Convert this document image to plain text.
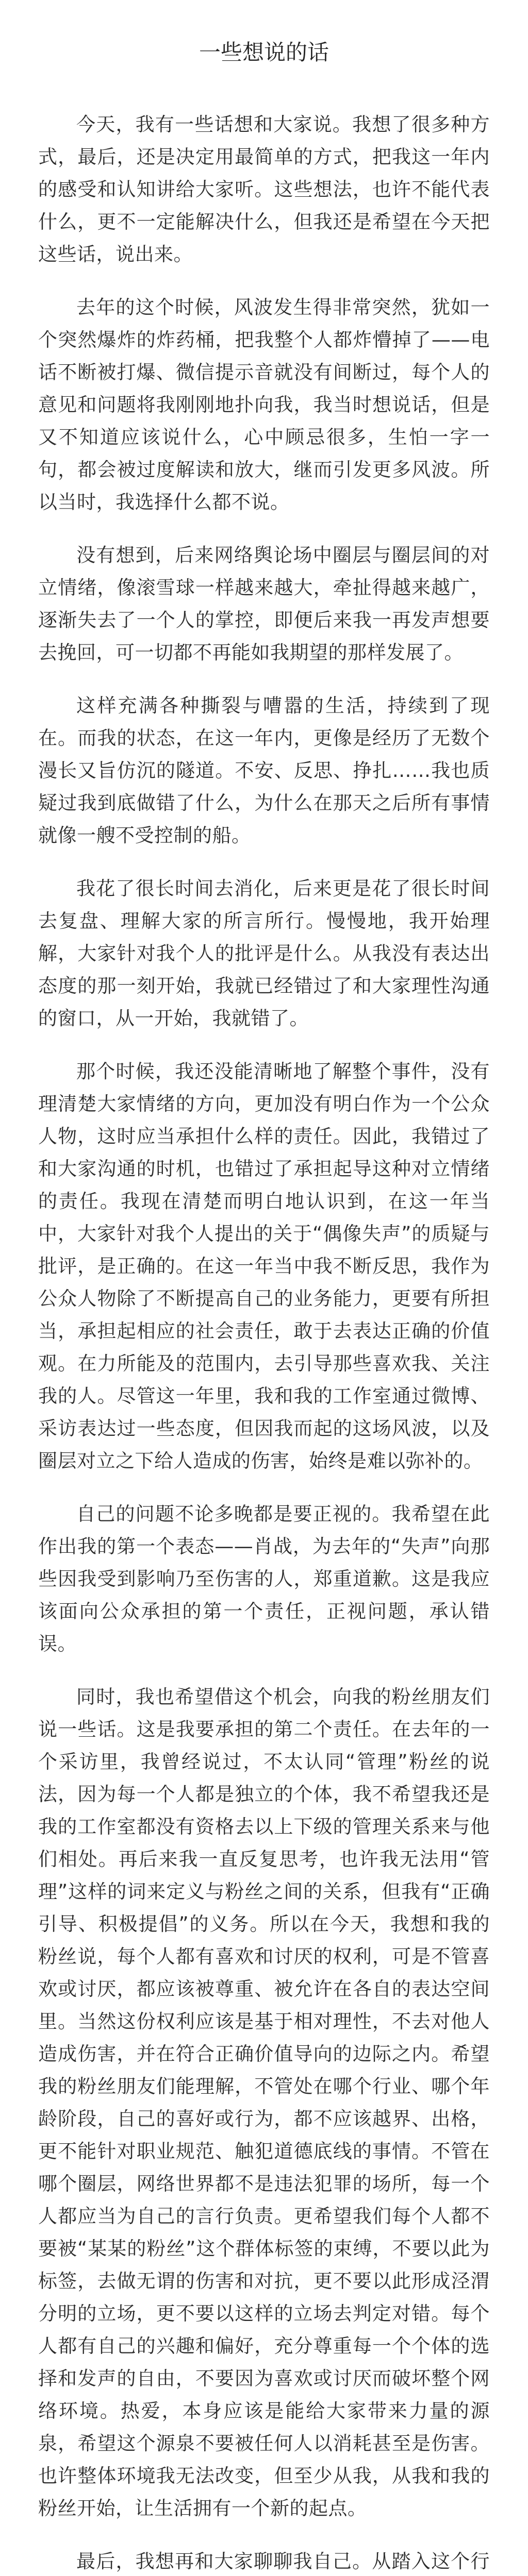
一些想说的话

今天，我有一些话想和大家说。我想了很多种方式，最后，还是决定用最简单的方式，把我这一年内的感受和认知讲给大家听。这些想法，也许不能代表什么，更不一定能解决什么，但我还是希望在今天把这些话，说出来。

去年的这个时候，风波发生得非常突然，犹如一个突然爆炸的炸药桶，把我整个人都炸懵掉了——电话不断被打爆、微信提示音就没有间断过，每个人的意见和问题将我刚刚地扑向我，我当时想说话，但是又不知道应该说什么，心中顾忌很多，生怕一字一句，都会被过度解读和放大，继而引发更多风波。所以当时，我选择什么都不说。

没有想到，后来网络舆论场中圈层与圈层间的对立情绪，像滚雪球一样越来越大，牵扯得越来越广，逐渐失去了一个人的掌控，即便后来我一再发声想要去挽回，可一切都不再能如我期望的那样发展了。

这样充满各种撕裂与嘈嚣的生活，持续到了现在。而我的状态，在这一年内，更像是经历了无数个漫长又旨仿沉的隧道。不安、反思、挣扎……我也质疑过我到底做错了什么，为什么在那天之后所有事情就像一艘不受控制的船。

我花了很长时间去消化，后来更是花了很长时间去复盘、理解大家的所言所行。慢慢地，我开始理解，大家针对我个人的批评是什么。从我没有表达出态度的那一刻开始，我就已经错过了和大家理性沟通的窗口，从一开始，我就错了。

那个时候，我还没能清晰地了解整个事件，没有理清楚大家情绪的方向，更加没有明白作为一个公众人物，这时应当承担什么样的责任。因此，我错过了和大家沟通的时机，也错过了承担起导这种对立情绪的责任。我现在清楚而明白地认识到，在这一年当中，大家针对我个人提出的关于“偶像失声”的质疑与批评，是正确的。在这一年当中我不断反思，我作为公众人物除了不断提高自己的业务能力，更要有所担当，承担起相应的社会责任，敢于去表达正确的价值观。在力所能及的范围内，去引导那些喜欢我、关注我的人。尽管这一年里，我和我的工作室通过微博、采访表达过一些态度，但因我而起的这场风波，以及圈层对立之下给人造成的伤害，始终是难以弥补的。

自己的问题不论多晚都是要正视的。我希望在此作出我的第一个表态——肖战，为去年的“失声”向那些因我受到影响乃至伤害的人，郑重道歉。这是我应该面向公众承担的第一个责任，正视问题，承认错误。

同时，我也希望借这个机会，向我的粉丝朋友们说一些话。这是我要承担的第二个责任。在去年的一个采访里，我曾经说过，不太认同“管理”粉丝的说法，因为每一个人都是独立的个体，我不希望我还是我的工作室都没有资格去以上下级的管理关系来与他们相处。再后来我一直反复思考，也许我无法用“管理”这样的词来定义与粉丝之间的关系，但我有“正确引导、积极提倡”的义务。所以在今天，我想和我的粉丝说，每个人都有喜欢和讨厌的权利，可是不管喜欢或讨厌，都应该被尊重、被允许在各自的表达空间里。当然这份权利应该是基于相对理性，不去对他人造成伤害，并在符合正确价值导向的边际之内。希望我的粉丝朋友们能理解，不管处在哪个行业、哪个年龄阶段，自己的喜好或行为，都不应该越界、出格，更不能针对职业规范、触犯道德底线的事情。不管在哪个圈层，网络世界都不是违法犯罪的场所，每一个人都应当为自己的言行负责。更希望我们每个人都不要被“某某的粉丝”这个群体标签的束缚，不要以此为标签，去做无谓的伤害和对抗，更不要以此形成泾渭分明的立场，更不要以这样的立场去判定对错。每个人都有自己的兴趣和偏好，充分尊重每一个个体的选择和发声的自由，不要因为喜欢或讨厌而破坏整个网络环境。热爱，本身应该是能给大家带来力量的源泉，希望这个源泉不要被任何人以消耗甚至是伤害。也许整体环境我无法改变，但至少从我，从我和我的粉丝开始，让生活拥有一个新的起点。

最后，我想再和大家聊聊我自己。从踏入这个行
